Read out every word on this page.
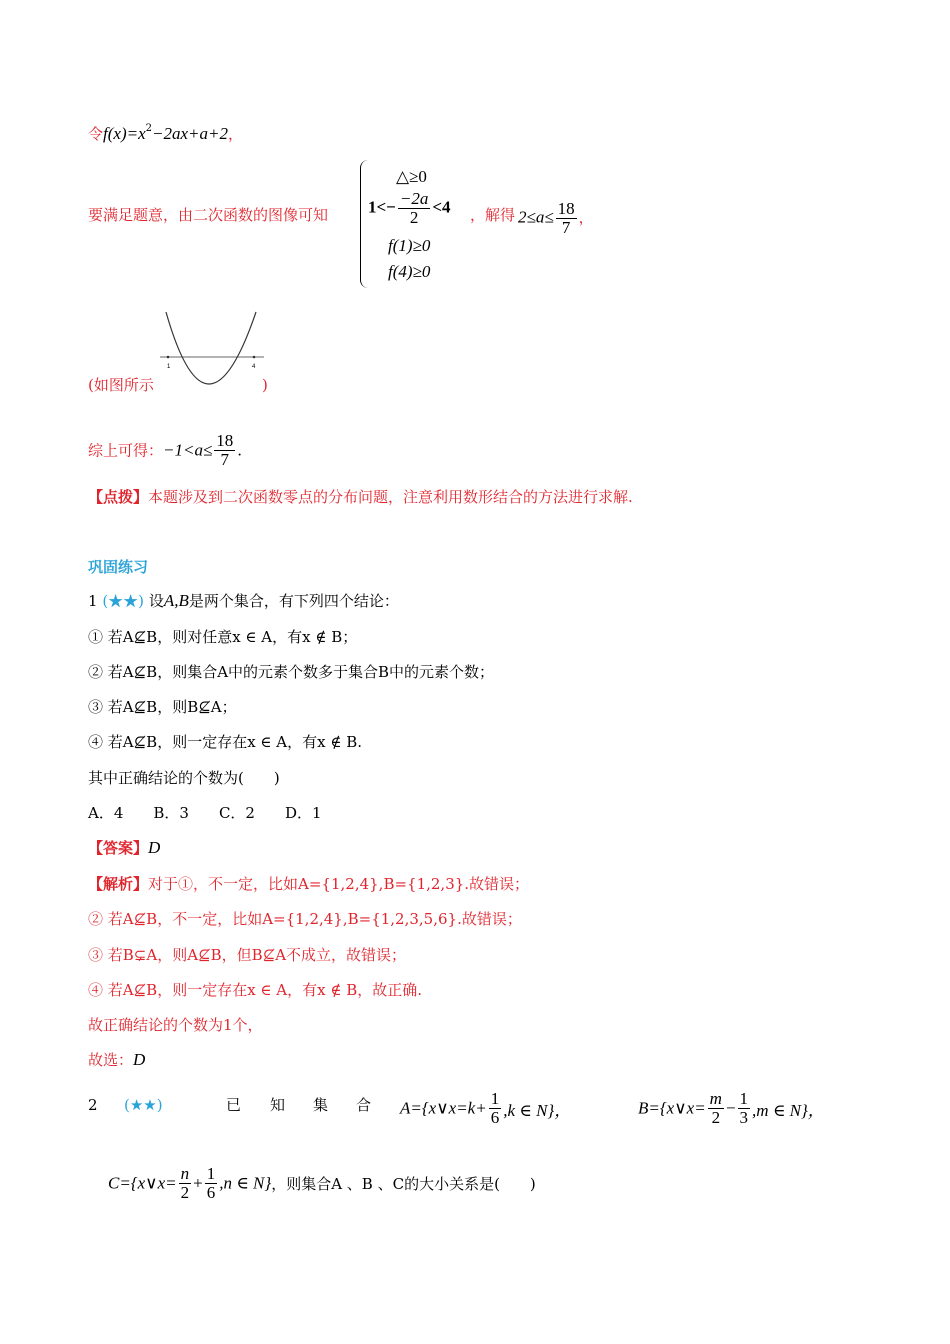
令$f(x)=x^2-2ax+a+2$，
要满足题意，由二次函数的图像可知
△≥0
$1<- \frac{-2a}{2} <4$ ，解得 $2\le a\le \frac{18}{7}$ ，
f(1)≥0
f(4)≥0
1	4
(如图所示	)
综上可得：$-1<a\le \frac{18}{7}$ .
【点拨】本题涉及到二次函数零点的分布问题，注意利用数形结合的方法进行求解.
巩固练习
1 (★★) 设A,B是两个集合，有下列四个结论：
① 若A⊈B，则对任意x ∈ A，有x ∉ B；
② 若A⊈B，则集合A中的元素个数多于集合B中的元素个数；
③ 若A⊈B，则B⊈A；
④ 若A⊈B，则一定存在x ∈ A，有x ∉ B.
其中正确结论的个数为(　　)
A．4　　B．3　　C．2　　D．1
【答案】D
【解析】对于①，不一定，比如A={1,2,4},B={1,2,3}.故错误；
② 若A⊈B，不一定，比如A={1,2,4},B={1,2,3,5,6}.故错误；
③ 若B⊊A，则A⊈B，但B⊈A不成立，故错误；
④ 若A⊈B，则一定存在x ∈ A，有x ∉ B，故正确.
故正确结论的个数为1个，
故选：D
2 (★★)	已 知 集 合 A={x∨x=k+ $\frac{1}{6} ,k$ ∈ N}，	B={x∨x= $\frac{m}{2} - \frac{1}{3} ,m$ ∈ N}，
C={x∨x= $\frac{n}{2} + \frac{1}{6} ,n$ ∈ N}，则集合A 、B 、C的大小关系是(　　)
